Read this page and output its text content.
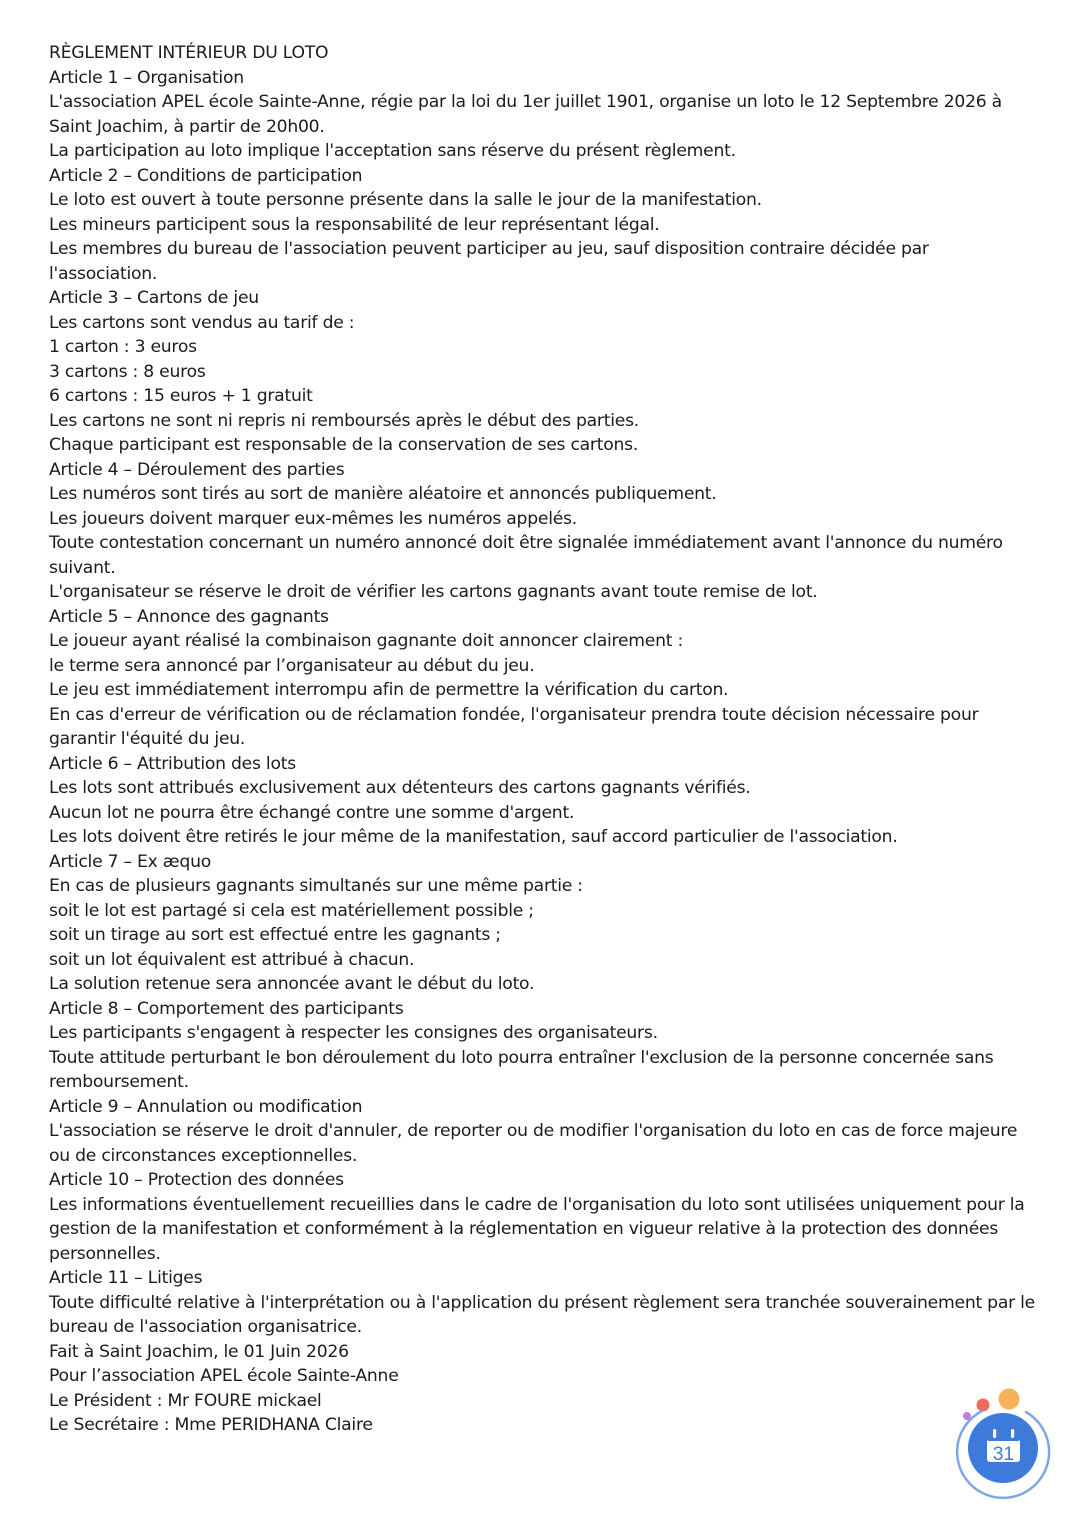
RÈGLEMENT INTÉRIEUR DU LOTO

Article 1 – Organisation

L'association APEL école Sainte-Anne, régie par la loi du 1er juillet 1901, organise un loto le 12 Septembre 2026 à Saint Joachim, à partir de 20h00.

La participation au loto implique l'acceptation sans réserve du présent règlement.

Article 2 – Conditions de participation

Le loto est ouvert à toute personne présente dans la salle le jour de la manifestation.

Les mineurs participent sous la responsabilité de leur représentant légal.

Les membres du bureau de l'association peuvent participer au jeu, sauf disposition contraire décidée par l'association.

Article 3 – Cartons de jeu

Les cartons sont vendus au tarif de :

1 carton : 3 euros

3 cartons : 8 euros

6 cartons : 15 euros + 1 gratuit

Les cartons ne sont ni repris ni remboursés après le début des parties.

Chaque participant est responsable de la conservation de ses cartons.

Article 4 – Déroulement des parties

Les numéros sont tirés au sort de manière aléatoire et annoncés publiquement.

Les joueurs doivent marquer eux-mêmes les numéros appelés.

Toute contestation concernant un numéro annoncé doit être signalée immédiatement avant l'annonce du numéro suivant.

L'organisateur se réserve le droit de vérifier les cartons gagnants avant toute remise de lot.

Article 5 – Annonce des gagnants

Le joueur ayant réalisé la combinaison gagnante doit annoncer clairement :

le terme sera annoncé par l’organisateur au début du jeu.

Le jeu est immédiatement interrompu afin de permettre la vérification du carton.

En cas d'erreur de vérification ou de réclamation fondée, l'organisateur prendra toute décision nécessaire pour garantir l'équité du jeu.

Article 6 – Attribution des lots

Les lots sont attribués exclusivement aux détenteurs des cartons gagnants vérifiés.

Aucun lot ne pourra être échangé contre une somme d'argent.

Les lots doivent être retirés le jour même de la manifestation, sauf accord particulier de l'association.

Article 7 – Ex æquo

En cas de plusieurs gagnants simultanés sur une même partie :

soit le lot est partagé si cela est matériellement possible ;

soit un tirage au sort est effectué entre les gagnants ;

soit un lot équivalent est attribué à chacun.

La solution retenue sera annoncée avant le début du loto.

Article 8 – Comportement des participants

Les participants s'engagent à respecter les consignes des organisateurs.

Toute attitude perturbant le bon déroulement du loto pourra entraîner l'exclusion de la personne concernée sans remboursement.

Article 9 – Annulation ou modification

L'association se réserve le droit d'annuler, de reporter ou de modifier l'organisation du loto en cas de force majeure ou de circonstances exceptionnelles.

Article 10 – Protection des données

Les informations éventuellement recueillies dans le cadre de l'organisation du loto sont utilisées uniquement pour la gestion de la manifestation et conformément à la réglementation en vigueur relative à la protection des données personnelles.

Article 11 – Litiges

Toute difficulté relative à l'interprétation ou à l'application du présent règlement sera tranchée souverainement par le bureau de l'association organisatrice.

Fait à Saint Joachim, le 01 Juin 2026

Pour l’association APEL école Sainte-Anne

Le Président : Mr FOURE mickael

Le Secrétaire : Mme PERIDHANA Claire

31
